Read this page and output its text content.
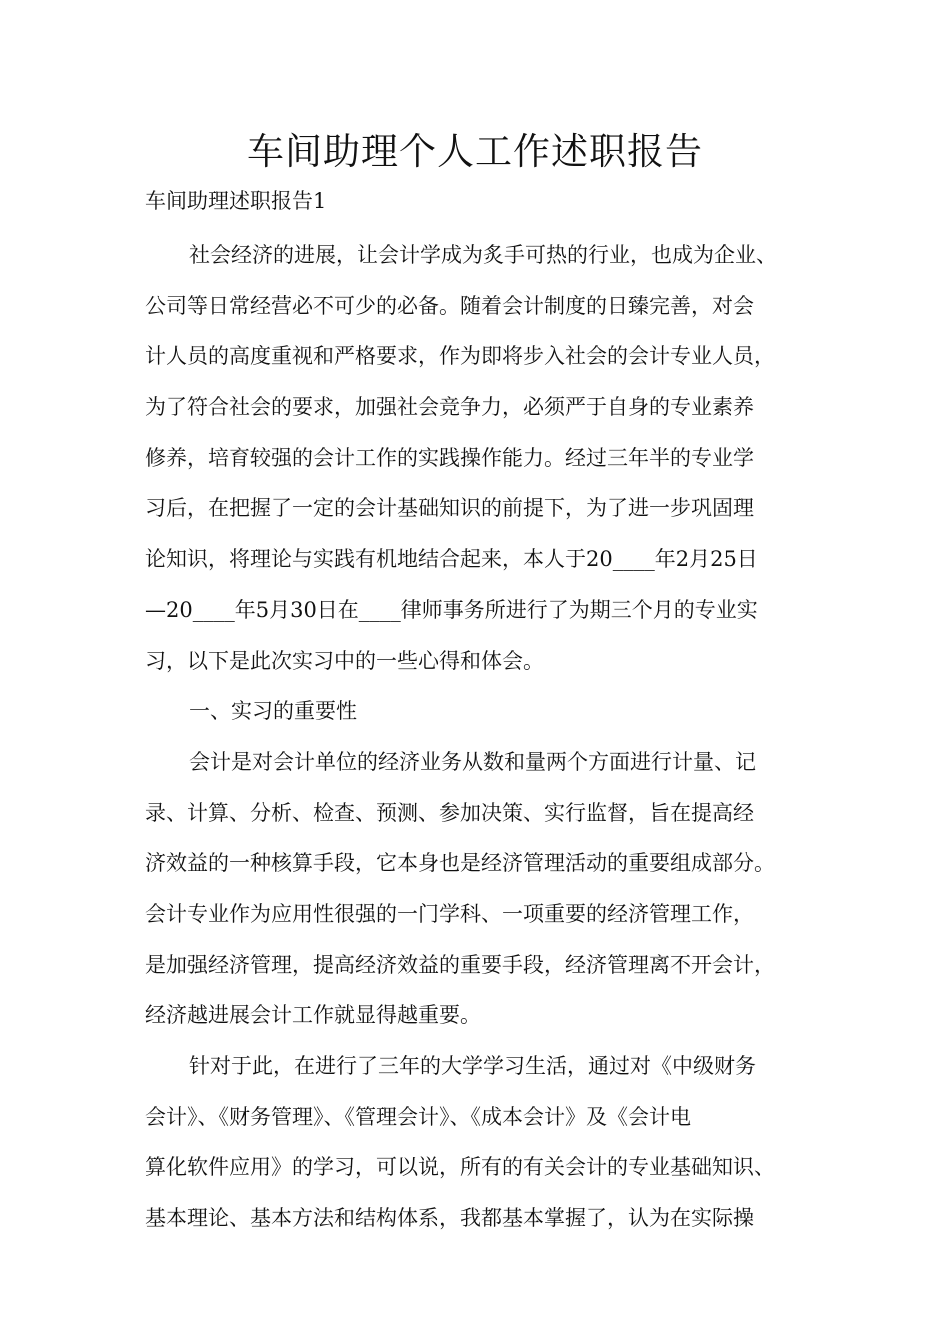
车间助理个人工作述职报告
车间助理述职报告1
社会经济的进展，让会计学成为炙手可热的行业，也成为企业、
公司等日常经营必不可少的必备。随着会计制度的日臻完善，对会
计人员的高度重视和严格要求，作为即将步入社会的会计专业人员，
为了符合社会的要求，加强社会竞争力，必须严于自身的专业素养
修养，培育较强的会计工作的实践操作能力。经过三年半的专业学
习后，在把握了一定的会计基础知识的前提下，为了进一步巩固理
论知识，将理论与实践有机地结合起来，本人于20____年2月25日
—20____年5月30日在____律师事务所进行了为期三个月的专业实
习，以下是此次实习中的一些心得和体会。
一、实习的重要性
会计是对会计单位的经济业务从数和量两个方面进行计量、记
录、计算、分析、检查、预测、参加决策、实行监督，旨在提高经
济效益的一种核算手段，它本身也是经济管理活动的重要组成部分。
会计专业作为应用性很强的一门学科、一项重要的经济管理工作，
是加强经济管理，提高经济效益的重要手段，经济管理离不开会计，
经济越进展会计工作就显得越重要。
针对于此，在进行了三年的大学学习生活，通过对《中级财务
会计》、《财务管理》、《管理会计》、《成本会计》及《会计电
算化软件应用》的学习，可以说，所有的有关会计的专业基础知识、
基本理论、基本方法和结构体系，我都基本掌握了，认为在实际操
